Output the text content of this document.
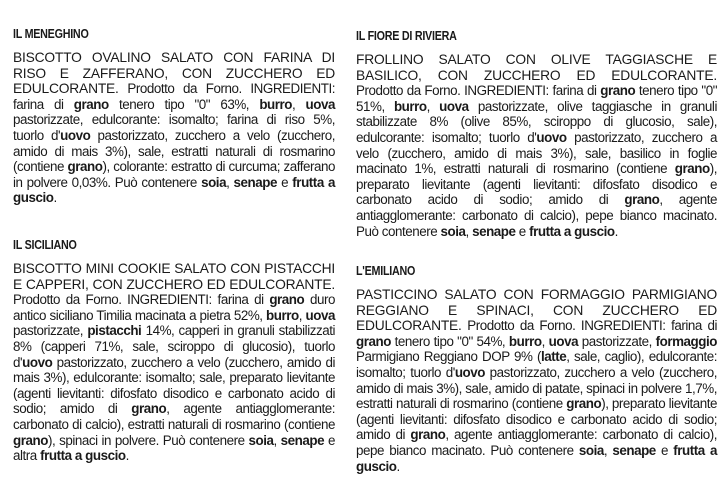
IL MENEGHINO
BISCOTTO OVALINO SALATO CON FARINA DI RISO E ZAFFERANO, CON ZUCCHERO ED EDULCORANTE. Prodotto da Forno. INGREDIENTI: farina di grano tenero tipo "0" 63%, burro, uova pastorizzate, edulcorante: isomalto; farina di riso 5%, tuorlo d'uovo pastorizzato, zucchero a velo (zucchero, amido di mais 3%), sale, estratti naturali di rosmarino (contiene grano), colorante: estratto di curcuma; zafferano in polvere 0,03%. Può contenere soia, senape e frutta a guscio.
IL SICILIANO
BISCOTTO MINI COOKIE SALATO CON PISTACCHI E CAPPERI, CON ZUCCHERO ED EDULCORANTE. Prodotto da Forno. INGREDIENTI: farina di grano duro antico siciliano Timilia macinata a pietra 52%, burro, uova pastorizzate, pistacchi 14%, capperi in granuli stabilizzati 8% (capperi 71%, sale, sciroppo di glucosio), tuorlo d'uovo pastorizzato, zucchero a velo (zucchero, amido di mais 3%), edulcorante: isomalto; sale, preparato lievitante (agenti lievitanti: difosfato disodico e carbonato acido di sodio; amido di grano, agente antiagglomerante: carbonato di calcio), estratti naturali di rosmarino (contiene grano), spinaci in polvere. Può contenere soia, senape e altra frutta a guscio.
IL FIORE DI RIVIERA
FROLLINO SALATO CON OLIVE TAGGIASCHE E BASILICO, CON ZUCCHERO ED EDULCORANTE. Prodotto da Forno. INGREDIENTI: farina di grano tenero tipo "0" 51%, burro, uova pastorizzate, olive taggiasche in granuli stabilizzate 8% (olive 85%, sciroppo di glucosio, sale), edulcorante: isomalto; tuorlo d'uovo pastorizzato, zucchero a velo (zucchero, amido di mais 3%), sale, basilico in foglie macinato 1%, estratti naturali di rosmarino (contiene grano), preparato lievitante (agenti lievitanti: difosfato disodico e carbonato acido di sodio; amido di grano, agente antiagglomerante: carbonato di calcio), pepe bianco macinato. Può contenere soia, senape e frutta a guscio.
L'EMILIANO
PASTICCINO SALATO CON FORMAGGIO PARMIGIANO REGGIANO E SPINACI, CON ZUCCHERO ED EDULCORANTE. Prodotto da Forno. INGREDIENTI: farina di grano tenero tipo "0" 54%, burro, uova pastorizzate, formaggio Parmigiano Reggiano DOP 9% (latte, sale, caglio), edulcorante: isomalto; tuorlo d'uovo pastorizzato, zucchero a velo (zucchero, amido di mais 3%), sale, amido di patate, spinaci in polvere 1,7%, estratti naturali di rosmarino (contiene grano), preparato lievitante (agenti lievitanti: difosfato disodico e carbonato acido di sodio; amido di grano, agente antiagglomerante: carbonato di calcio), pepe bianco macinato. Può contenere soia, senape e frutta a guscio.
